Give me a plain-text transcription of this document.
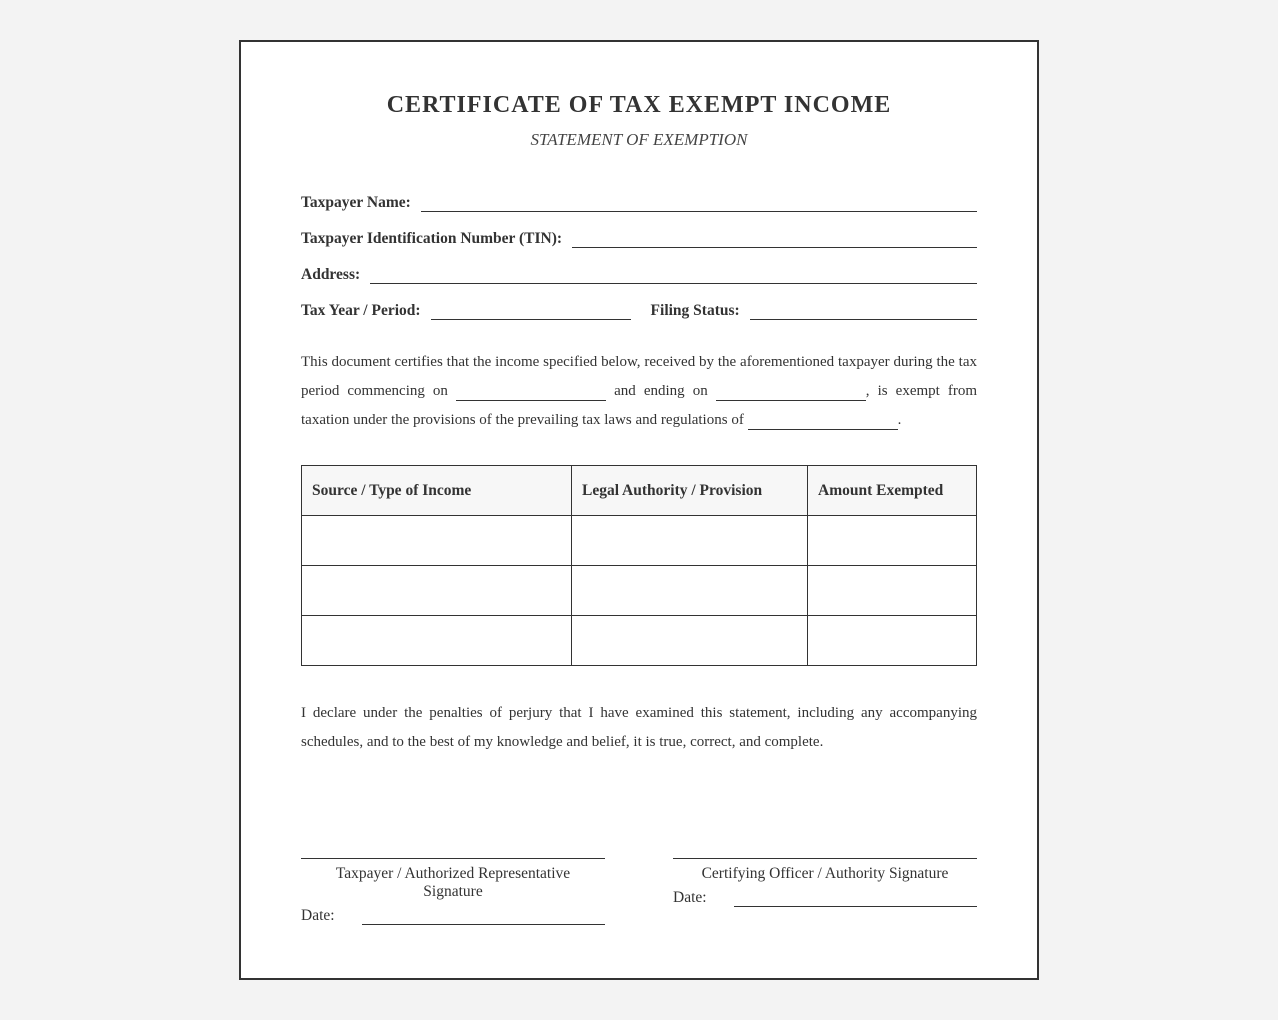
CERTIFICATE OF TAX EXEMPT INCOME
STATEMENT OF EXEMPTION
Taxpayer Name:
Taxpayer Identification Number (TIN):
Address:
Tax Year / Period:	Filing Status:
This document certifies that the income specified below, received by the aforementioned taxpayer during the tax period commencing on	and ending on	, is exempt from taxation under the provisions of the prevailing tax laws and regulations of	.
Source / Type of Income	Legal Authority / Provision	Amount Exempted

I declare under the penalties of perjury that I have examined this statement, including any accompanying schedules, and to the best of my knowledge and belief, it is true, correct, and complete.
Taxpayer / Authorized Representative Signature
Date:
Certifying Officer / Authority Signature
Date:
